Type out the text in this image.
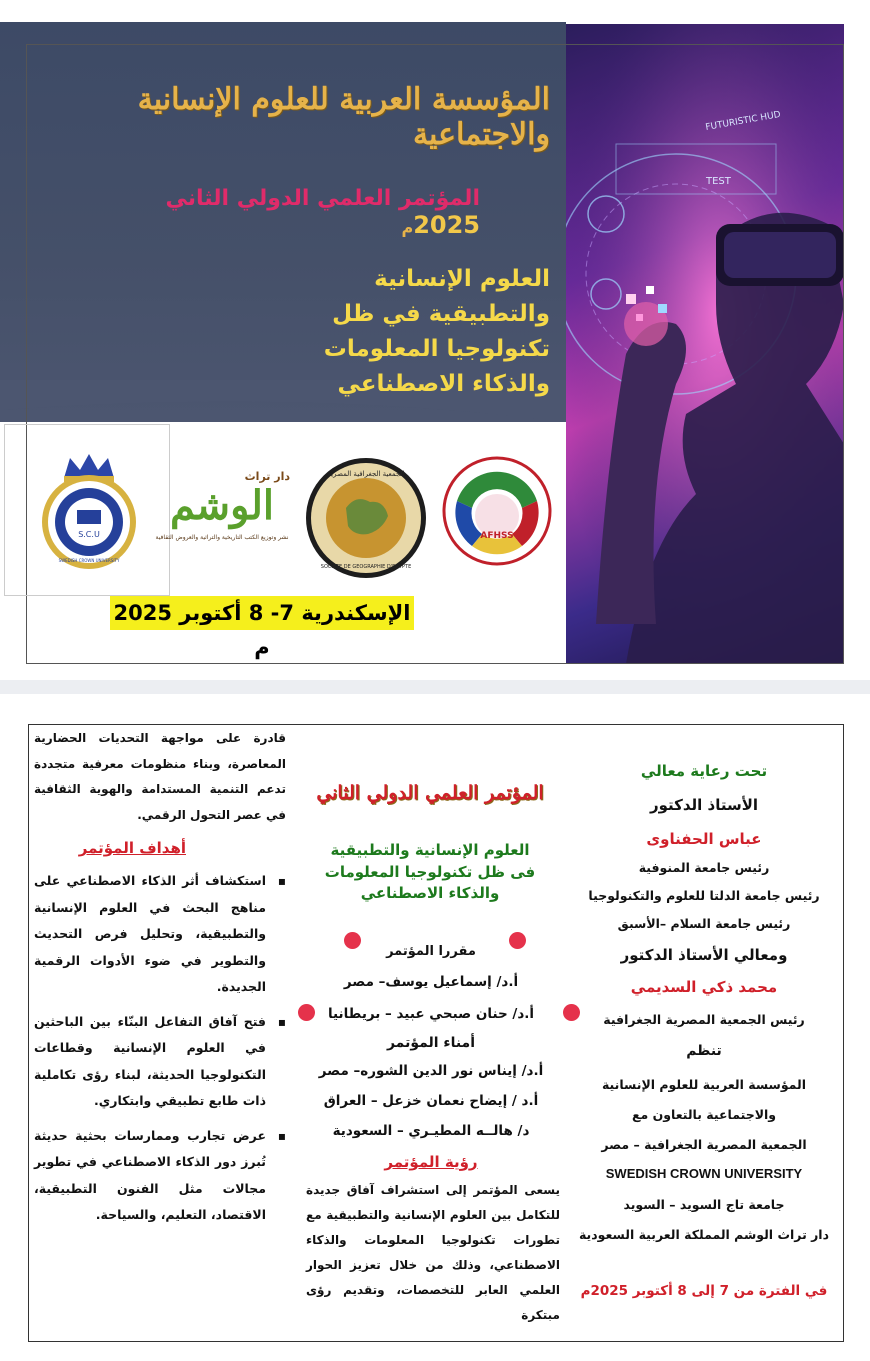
FUTURISTIC HUD
TEST
المؤسسة العربية للعلوم الإنسانية والاجتماعية
المؤتمر العلمي الدولي الثاني 2025م
العلوم الإنسانية
والتطبيقية في ظل
تكنولوجيا المعلومات
والذكاء الاصطناعي
S.C.U
SWEDISH CROWN UNIVERSITY
دار تراث
الوشم
نشر وتوزيع الكتب التاريخية والتراثية والعروض الثقافية
الجمعية الجغرافية المصرية
SOCIETE DE GEOGRAPHIE D'EGYPTE
AFHSS
الإسكندرية 7- 8 أكتوبر 2025 م
تحت رعاية معالي
الأستاذ الدكتور
عباس الحفناوى
رئيس جامعة المنوفية
رئيس جامعة الدلتا للعلوم والتكنولوجيا
رئيس جامعة السلام –الأسبق
ومعالي الأستاذ الدكتور
محمد ذكي السديمي
رئيس الجمعية المصرية الجغرافية
تنظم
المؤسسة العربية للعلوم الإنسانية
والاجتماعية بالتعاون مع
الجمعية المصرية الجغرافية – مصر
SWEDISH CROWN UNIVERSITY
جامعة تاج السويد – السويد
دار تراث الوشم المملكة العربية السعودية
في الفترة من 7 إلى 8 أكتوبر 2025م
المؤتمر العلمي الدولي الثاني
العلوم الإنسانية والتطبيقية
فى ظل تكنولوجيا المعلومات
والذكاء الاصطناعي
مقررا المؤتمر
أ.د/ إسماعيل يوسف– مصر
أ.د/ حنان صبحي عبيد – بريطانيا
أمناء المؤتمر
أ.د/ إيناس نور الدين الشوره– مصر
أ.د / إيضاح نعمان خزعل – العراق
د/ هالــه المطيـري – السعودية
رؤية المؤتمر
يسعى المؤتمر إلى استشراف آفاق جديدة للتكامل بين العلوم الإنسانية والتطبيقية مع تطورات تكنولوجيا المعلومات والذكاء الاصطناعي، وذلك من خلال تعزيز الحوار العلمي العابر للتخصصات، وتقديم رؤى مبتكرة
قادرة على مواجهة التحديات الحضارية المعاصرة، وبناء منظومات معرفية متجددة تدعم التنمية المستدامة والهوية الثقافية في عصر التحول الرقمي.
أهداف المؤتمر
▪
استكشاف أثر الذكاء الاصطناعي على مناهج البحث في العلوم الإنسانية والتطبيقية، وتحليل فرص التحديث والتطوير في ضوء الأدوات الرقمية الجديدة.
▪
فتح آفاق التفاعل البنّاء بين الباحثين في العلوم الإنسانية وقطاعات التكنولوجيا الحديثة، لبناء رؤى تكاملية ذات طابع تطبيقي وابتكاري.
▪
عرض تجارب وممارسات بحثية حديثة تُبرز دور الذكاء الاصطناعي في تطوير مجالات مثل الفنون التطبيقية، الاقتصاد، التعليم، والسياحة.
